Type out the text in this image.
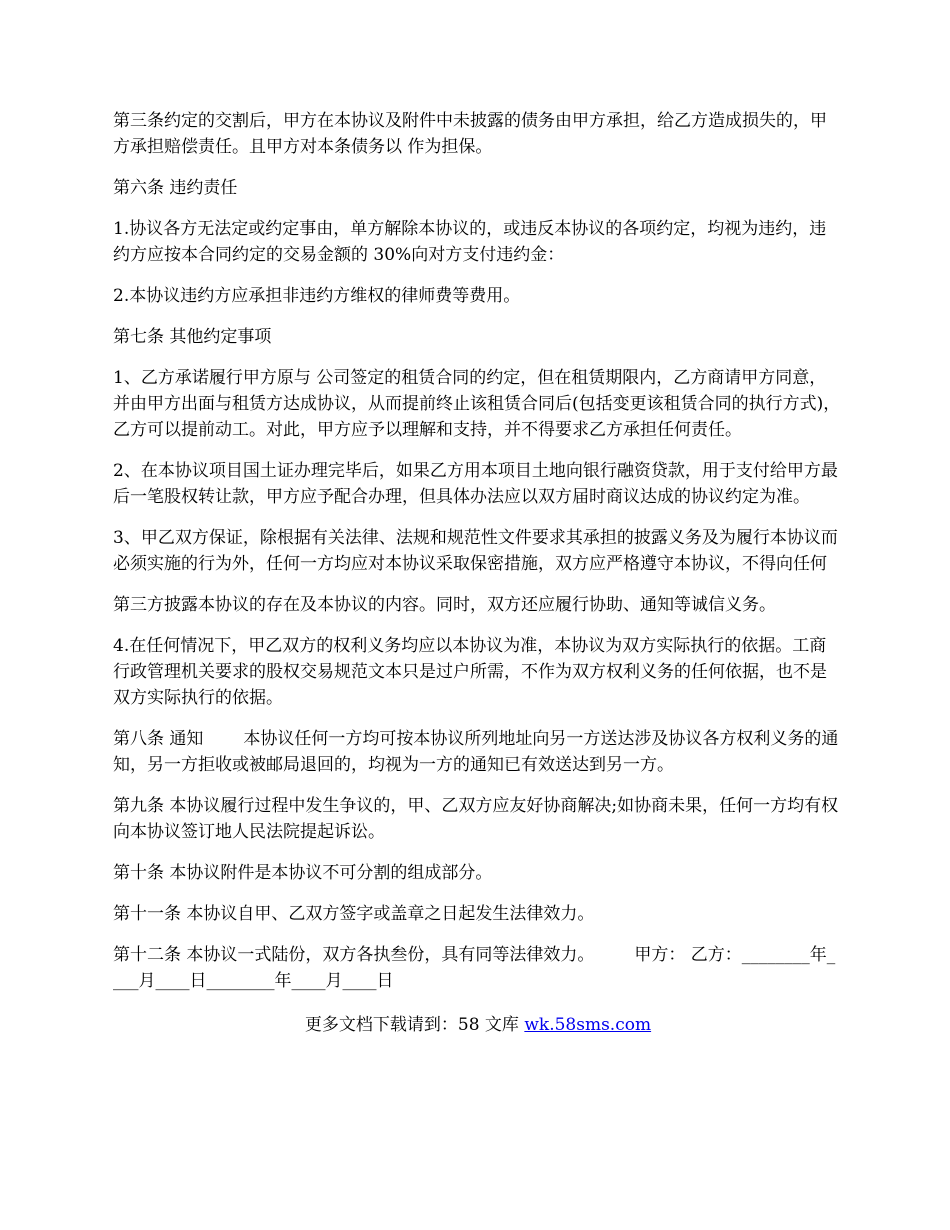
第三条约定的交割后，甲方在本协议及附件中未披露的债务由甲方承担，给乙方造成损失的，甲方承担赔偿责任。且甲方对本条债务以 作为担保。

第六条 违约责任

1.协议各方无法定或约定事由，单方解除本协议的，或违反本协议的各项约定，均视为违约，违约方应按本合同约定的交易金额的 30%向对方支付违约金：

2.本协议违约方应承担非违约方维权的律师费等费用。

第七条 其他约定事项

1、乙方承诺履行甲方原与 公司签定的租赁合同的约定，但在租赁期限内，乙方商请甲方同意，并由甲方出面与租赁方达成协议，从而提前终止该租赁合同后(包括变更该租赁合同的执行方式)，乙方可以提前动工。对此，甲方应予以理解和支持，并不得要求乙方承担任何责任。

2、在本协议项目国土证办理完毕后，如果乙方用本项目土地向银行融资贷款，用于支付给甲方最后一笔股权转让款，甲方应予配合办理，但具体办法应以双方届时商议达成的协议约定为准。

3、甲乙双方保证，除根据有关法律、法规和规范性文件要求其承担的披露义务及为履行本协议而必须实施的行为外，任何一方均应对本协议采取保密措施，双方应严格遵守本协议，不得向任何

第三方披露本协议的存在及本协议的内容。同时，双方还应履行协助、通知等诚信义务。

4.在任何情况下，甲乙双方的权利义务均应以本协议为准，本协议为双方实际执行的依据。工商行政管理机关要求的股权交易规范文本只是过户所需，不作为双方权利义务的任何依据，也不是双方实际执行的依据。

第八条 通知 本协议任何一方均可按本协议所列地址向另一方送达涉及协议各方权利义务的通知，另一方拒收或被邮局退回的，均视为一方的通知已有效送达到另一方。

第九条 本协议履行过程中发生争议的，甲、乙双方应友好协商解决;如协商未果，任何一方均有权向本协议签订地人民法院提起诉讼。

第十条 本协议附件是本协议不可分割的组成部分。

第十一条 本协议自甲、乙双方签字或盖章之日起发生法律效力。

第十二条 本协议一式陆份，双方各执叁份，具有同等法律效力。 甲方： 乙方：________年____月____日________年____月____日

更多文档下载请到：58 文库 wk.58sms.com
